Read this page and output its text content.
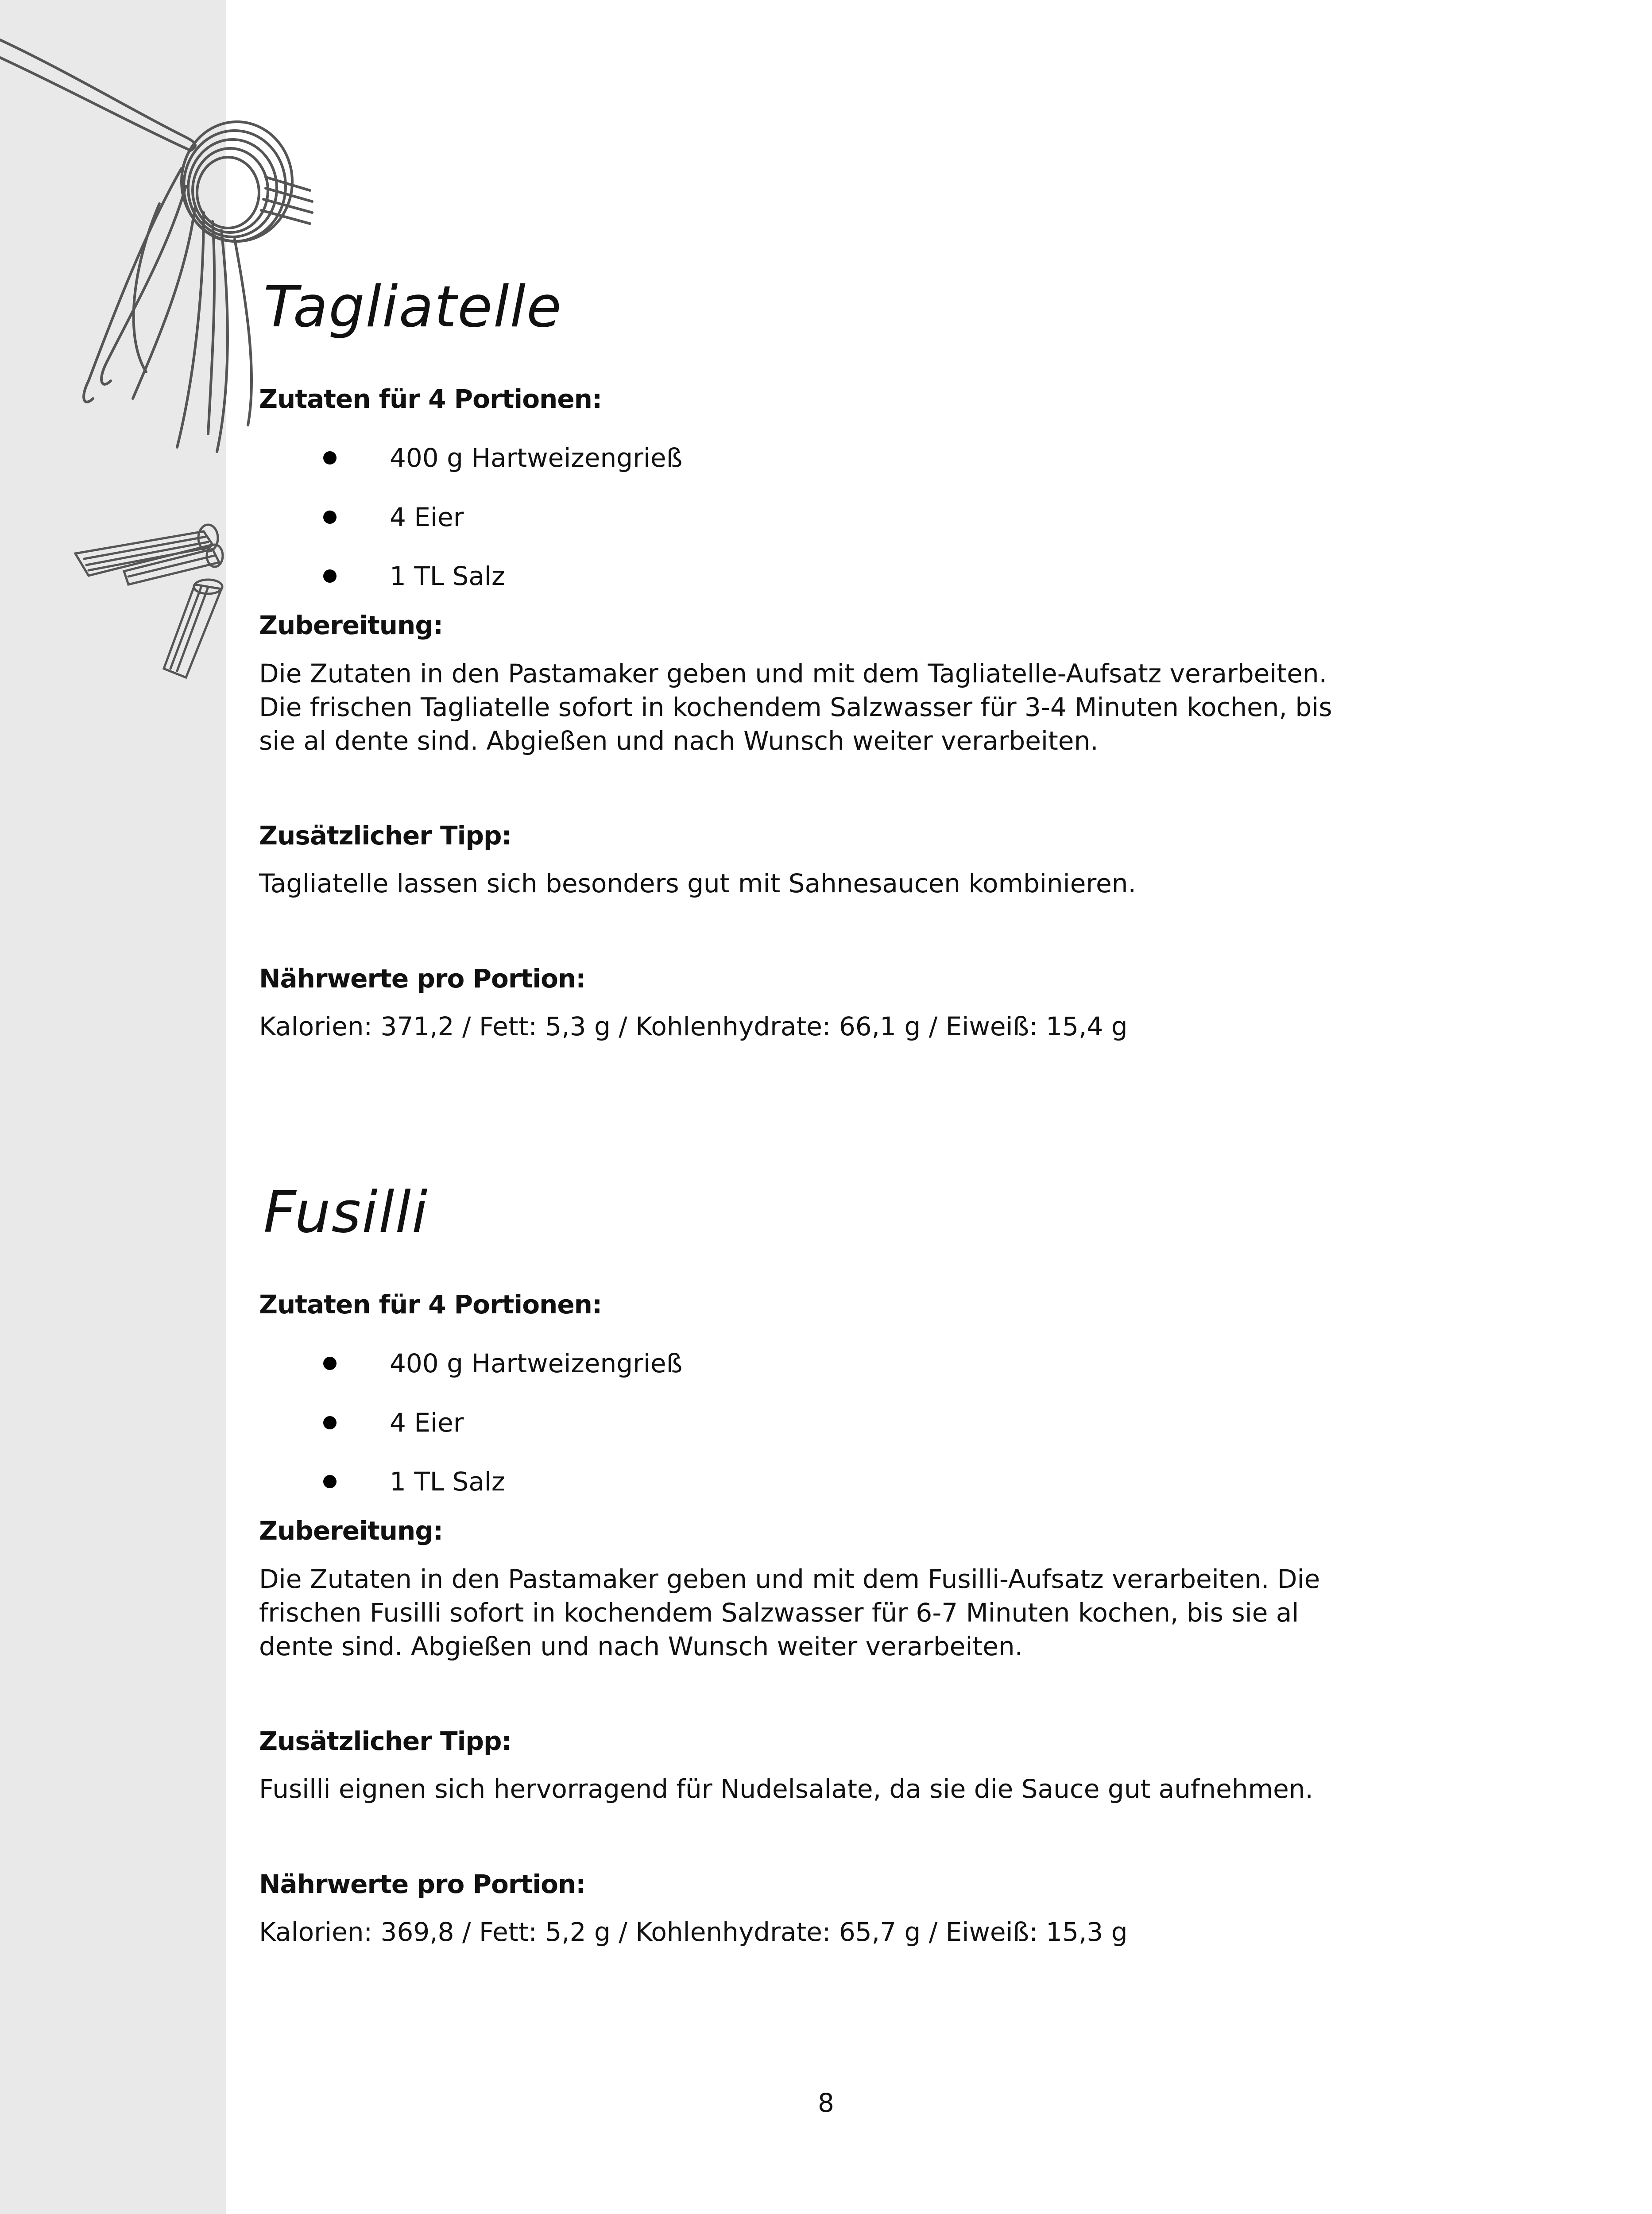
Tagliatelle
Zutaten für 4 Portionen:
400 g Hartweizengrieß
4 Eier
1 TL Salz
Zubereitung:

Die Zutaten in den Pastamaker geben und mit dem Tagliatelle-Aufsatz verarbeiten. Die frischen Tagliatelle sofort in kochendem Salzwasser für 3-4 Minuten kochen, bis sie al dente sind. Abgießen und nach Wunsch weiter verarbeiten.

Zusätzlicher Tipp:

Tagliatelle lassen sich besonders gut mit Sahnesaucen kombinieren.

Nährwerte pro Portion:

Kalorien: 371,2 / Fett: 5,3 g / Kohlenhydrate: 66,1 g / Eiweiß: 15,4 g

Fusilli
Zutaten für 4 Portionen:
400 g Hartweizengrieß
4 Eier
1 TL Salz
Zubereitung:

Die Zutaten in den Pastamaker geben und mit dem Fusilli-Aufsatz verarbeiten. Die frischen Fusilli sofort in kochendem Salzwasser für 6-7 Minuten kochen, bis sie al dente sind. Abgießen und nach Wunsch weiter verarbeiten.

Zusätzlicher Tipp:

Fusilli eignen sich hervorragend für Nudelsalate, da sie die Sauce gut aufnehmen.

Nährwerte pro Portion:

Kalorien: 369,8 / Fett: 5,2 g / Kohlenhydrate: 65,7 g / Eiweiß: 15,3 g

8
